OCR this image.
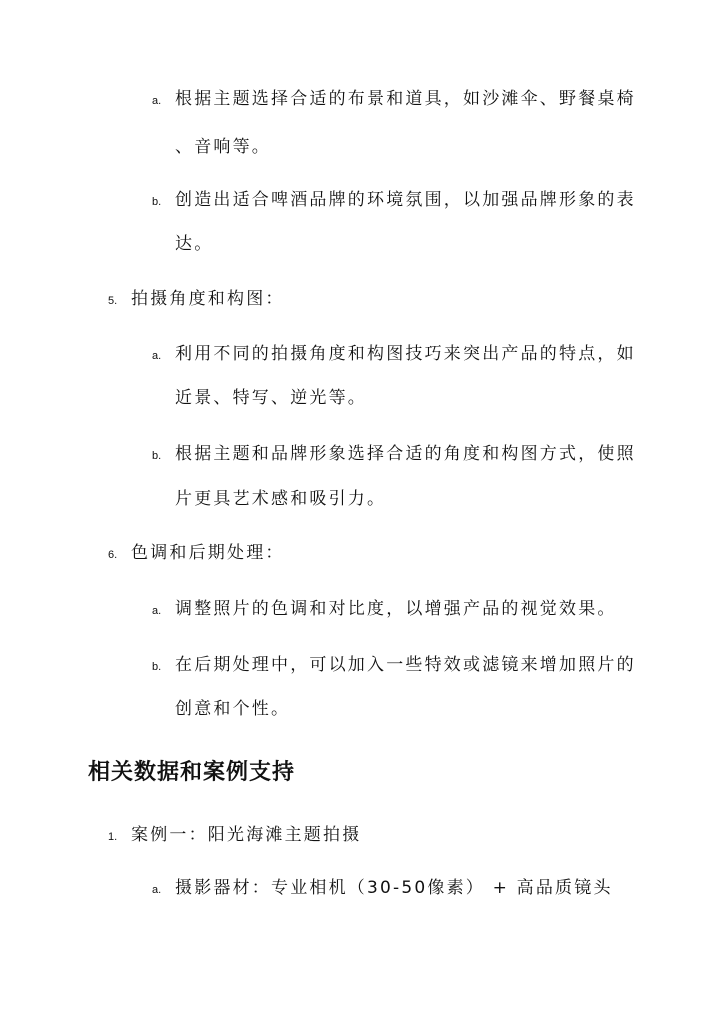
a. 根据主题选择合适的布景和道具，如沙滩伞、野餐桌椅
、音响等。
b. 创造出适合啤酒品牌的环境氛围，以加强品牌形象的表
达。
5. 拍摄角度和构图：
a. 利用不同的拍摄角度和构图技巧来突出产品的特点，如
近景、特写、逆光等。
b. 根据主题和品牌形象选择合适的角度和构图方式，使照
片更具艺术感和吸引力。
6. 色调和后期处理：
a. 调整照片的色调和对比度，以增强产品的视觉效果。
b. 在后期处理中，可以加入一些特效或滤镜来增加照片的
创意和个性。
相关数据和案例支持
1. 案例一：阳光海滩主题拍摄
a. 摄影器材：专业相机（30-50像素） + 高品质镜头
